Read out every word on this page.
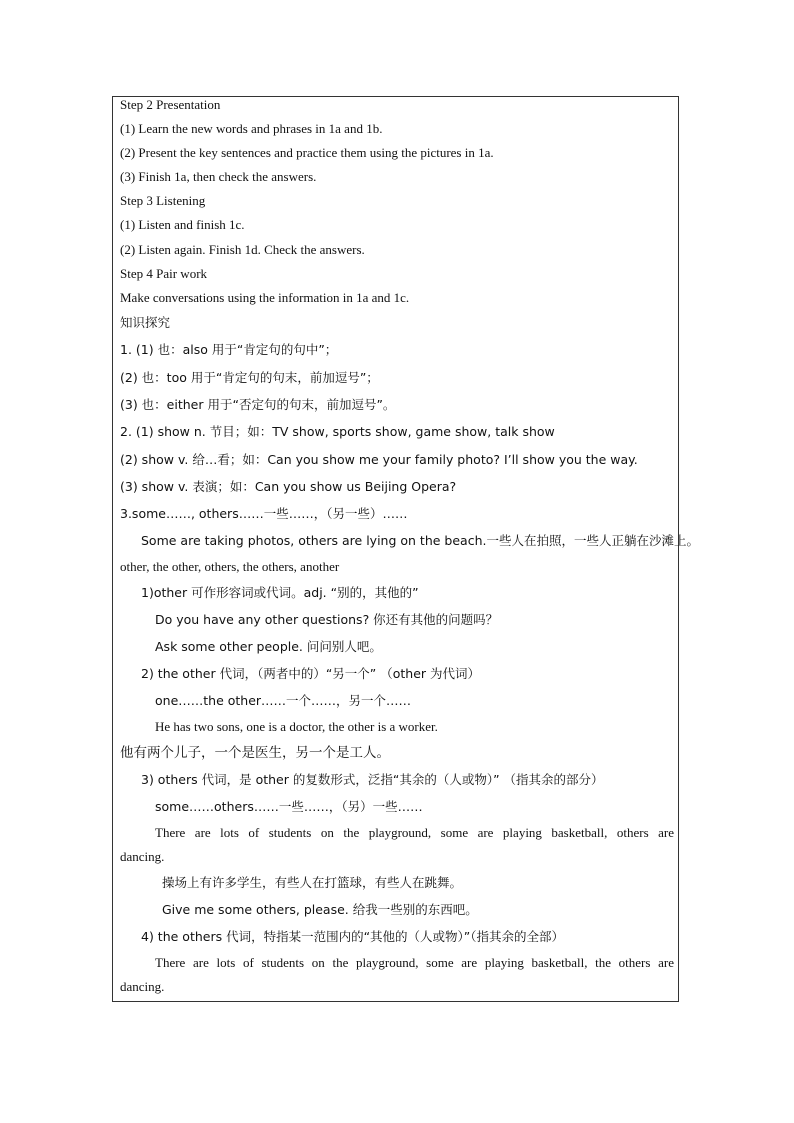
Step 2 Presentation
(1) Learn the new words and phrases in 1a and 1b.
(2) Present the key sentences and practice them using the pictures in 1a.
(3) Finish 1a, then check the answers.
Step 3 Listening
(1) Listen and finish 1c.
(2) Listen again. Finish 1d. Check the answers.
Step 4 Pair work
Make conversations using the information in 1a and 1c.
知识探究
1. (1) 也：also 用于“肯定句的句中”；
(2) 也：too 用于“肯定句的句末，前加逗号”；
(3) 也：either 用于“否定句的句末，前加逗号”。
2. (1) show n. 节目；如：TV show, sports show, game show, talk show
(2) show v. 给…看；如：Can you show me your family photo? I’ll show you the way.
(3) show v. 表演；如：Can you show us Beijing Opera?
3.some……, others……一些……，（另一些）……
Some are taking photos, others are lying on the beach.一些人在拍照，一些人正躺在沙滩上。
other, the other, others, the others, another
1)other 可作形容词或代词。adj. “别的，其他的”
Do you have any other questions? 你还有其他的问题吗？
Ask some other people. 问问别人吧。
2) the other 代词，（两者中的）“另一个” （other 为代词）
one……the other……一个……，另一个……
He has two sons, one is a doctor, the other is a worker.
他有两个儿子，一个是医生，另一个是工人。
3) others 代词，是 other 的复数形式，泛指“其余的（人或物）” （指其余的部分）
some……others……一些……，（另）一些……
There are lots of students on the playground, some are playing basketball, others are
dancing.
操场上有许多学生，有些人在打篮球，有些人在跳舞。
Give me some others, please. 给我一些别的东西吧。
4) the others 代词，特指某一范围内的“其他的（人或物）”（指其余的全部）
There are lots of students on the playground, some are playing basketball, the others are
dancing.
